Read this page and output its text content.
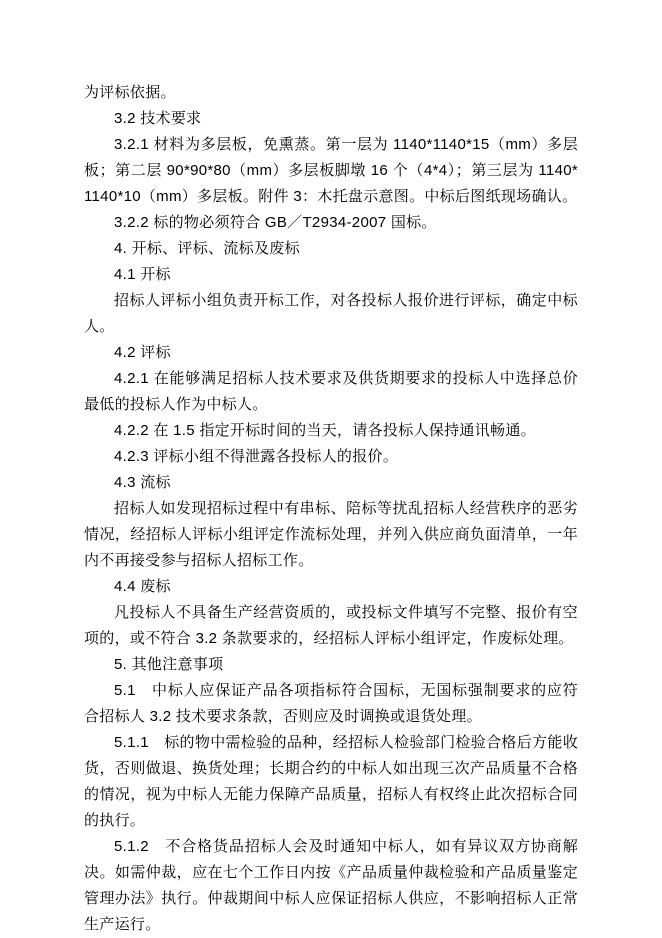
为评标依据。

3.2 技术要求

3.2.1 材料为多层板，免熏蒸。第一层为 1140*1140*15（mm）多层板；第二层 90*90*80（mm）多层板脚墩 16 个（4*4）；第三层为 1140*1140*10（mm）多层板。附件 3：木托盘示意图。中标后图纸现场确认。

3.2.2 标的物必须符合 GB／T2934-2007 国标。

4. 开标、评标、流标及废标

4.1 开标

招标人评标小组负责开标工作，对各投标人报价进行评标，确定中标人。

4.2 评标

4.2.1 在能够满足招标人技术要求及供货期要求的投标人中选择总价最低的投标人作为中标人。

4.2.2 在 1.5 指定开标时间的当天，请各投标人保持通讯畅通。

4.2.3 评标小组不得泄露各投标人的报价。

4.3 流标

招标人如发现招标过程中有串标、陪标等扰乱招标人经营秩序的恶劣情况，经招标人评标小组评定作流标处理，并列入供应商负面清单，一年内不再接受参与招标人招标工作。

4.4 废标

凡投标人不具备生产经营资质的，或投标文件填写不完整、报价有空项的，或不符合 3.2 条款要求的，经招标人评标小组评定，作废标处理。

5. 其他注意事项

5.1　中标人应保证产品各项指标符合国标，无国标强制要求的应符合招标人 3.2 技术要求条款，否则应及时调换或退货处理。

5.1.1　标的物中需检验的品种，经招标人检验部门检验合格后方能收货，否则做退、换货处理；长期合约的中标人如出现三次产品质量不合格的情况，视为中标人无能力保障产品质量，招标人有权终止此次招标合同的执行。

5.1.2　不合格货品招标人会及时通知中标人，如有异议双方协商解决。如需仲裁，应在七个工作日内按《产品质量仲裁检验和产品质量鉴定管理办法》执行。仲裁期间中标人应保证招标人供应，不影响招标人正常生产运行。
